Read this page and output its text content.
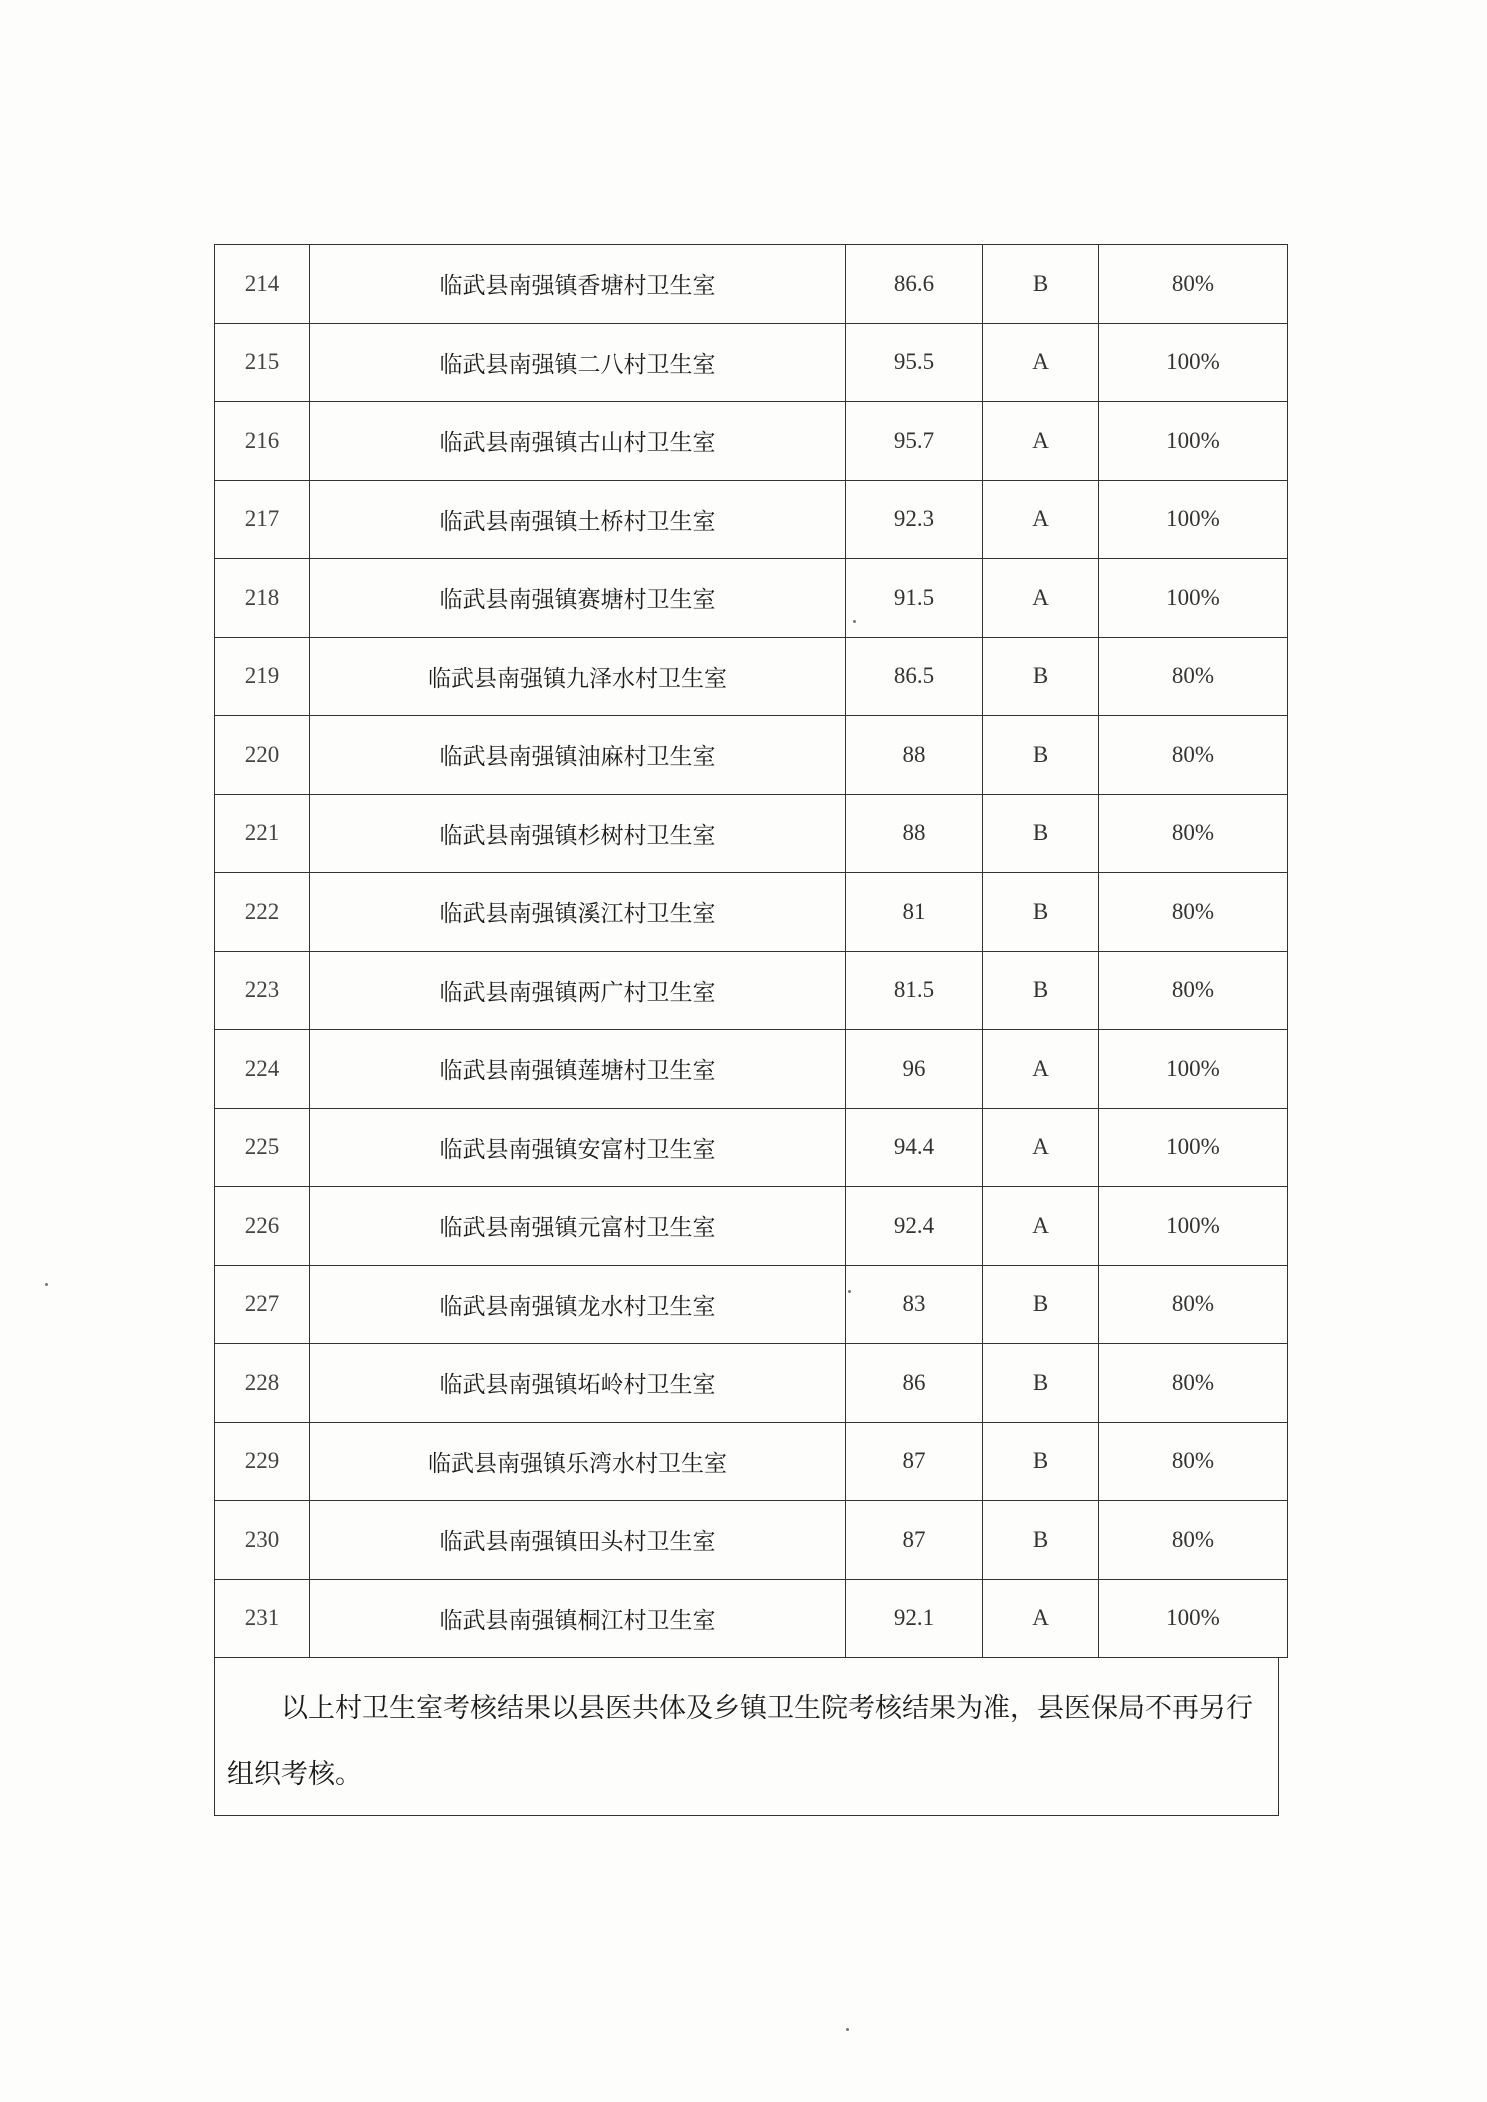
214	临武县南强镇香塘村卫生室	86.6	B	80%
215	临武县南强镇二八村卫生室	95.5	A	100%
216	临武县南强镇古山村卫生室	95.7	A	100%
217	临武县南强镇土桥村卫生室	92.3	A	100%
218	临武县南强镇赛塘村卫生室	91.5	A	100%
219	临武县南强镇九泽水村卫生室	86.5	B	80%
220	临武县南强镇油麻村卫生室	88	B	80%
221	临武县南强镇杉树村卫生室	88	B	80%
222	临武县南强镇溪江村卫生室	81	B	80%
223	临武县南强镇两广村卫生室	81.5	B	80%
224	临武县南强镇莲塘村卫生室	96	A	100%
225	临武县南强镇安富村卫生室	94.4	A	100%
226	临武县南强镇元富村卫生室	92.4	A	100%
227	临武县南强镇龙水村卫生室	83	B	80%
228	临武县南强镇坧岭村卫生室	86	B	80%
229	临武县南强镇乐湾水村卫生室	87	B	80%
230	临武县南强镇田头村卫生室	87	B	80%
231	临武县南强镇桐江村卫生室	92.1	A	100%
以上村卫生室考核结果以县医共体及乡镇卫生院考核结果为准，县医保局不再另行组织考核。
